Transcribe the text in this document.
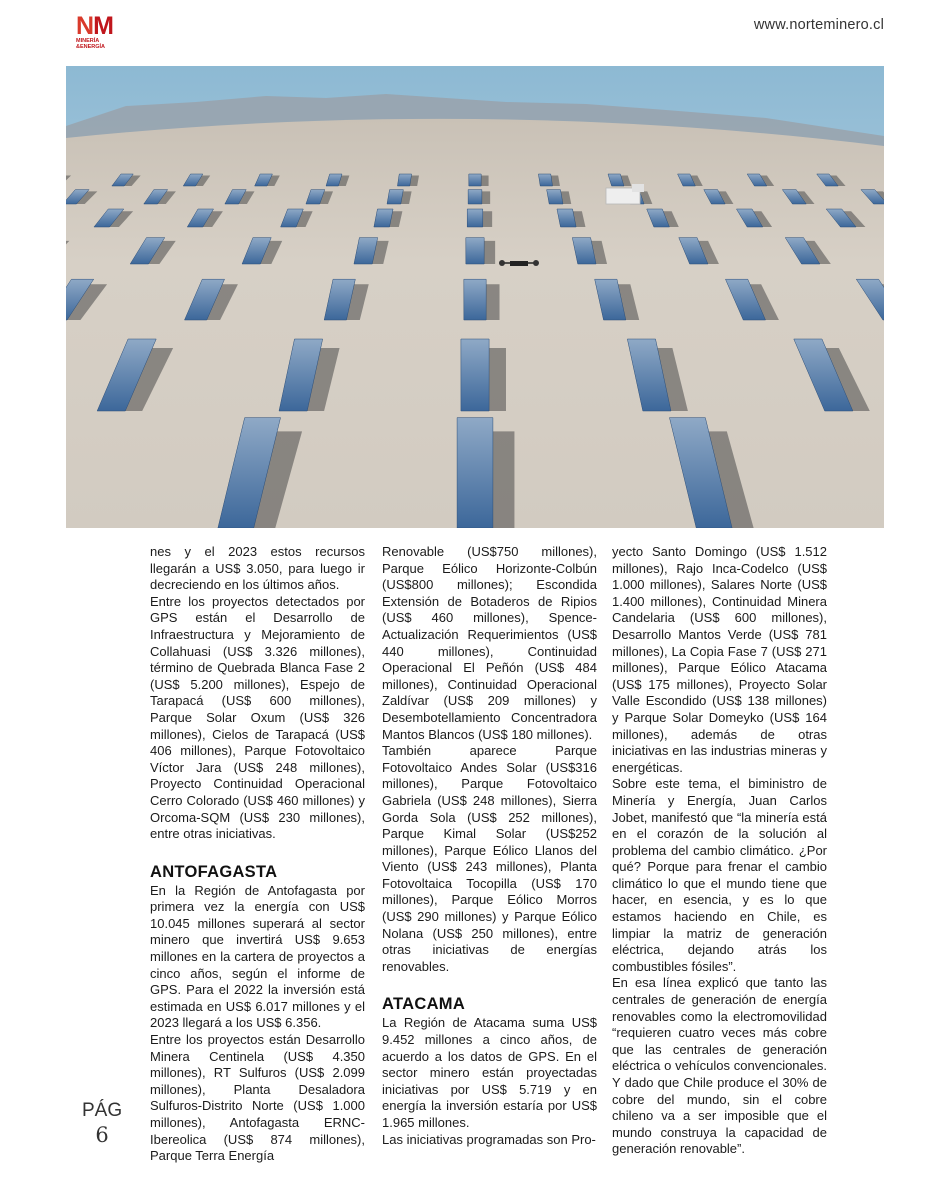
NM
MINERÍA
&ENERGÍA
www.norteminero.cl

nes y el 2023 estos recursos llegarán a US$ 3.050, para luego ir decreciendo en los últimos años.

Entre los proyectos detectados por GPS están el Desarrollo de Infraestructura y Mejoramiento de Collahuasi (US$ 3.326 millones), término de Quebrada Blanca Fase 2 (US$ 5.200 millones), Espejo de Tarapacá (US$ 600 millones), Parque Solar Oxum (US$ 326 millones), Cielos de Tarapacá (US$ 406 millones), Parque Fotovoltaico Víctor Jara (US$ 248 millones), Proyecto Continuidad Operacional Cerro Colorado (US$ 460 millones) y Orcoma-SQM (US$ 230 millones), entre otras iniciativas.

ANTOFAGASTA

En la Región de Antofagasta por primera vez la energía con US$ 10.045 millones superará al sector minero que invertirá US$ 9.653 millones en la cartera de proyectos a cinco años, según el informe de GPS. Para el 2022 la inversión está estimada en US$ 6.017 millones y el 2023 llegará a los US$ 6.356.

Entre los proyectos están Desarrollo Minera Centinela (US$ 4.350 millones), RT Sulfuros (US$ 2.099 millones), Planta Desaladora Sulfuros-Distrito Norte (US$ 1.000 millones), Antofagasta ERNC-Ibereolica (US$ 874 millones), Parque Terra Energía

Renovable (US$750 millones), Parque Eólico Horizonte-Colbún (US$800 millones); Escondida Extensión de Botaderos de Ripios (US$ 460 millones), Spence-Actualización Requerimientos (US$ 440 millones), Continuidad Operacional El Peñón (US$ 484 millones), Continuidad Operacional Zaldívar (US$ 209 millones) y Desembotellamiento Concentradora Mantos Blancos (US$ 180 millones).

También aparece Parque Fotovoltaico Andes Solar (US$316 millones), Parque Fotovoltaico Gabriela (US$ 248 millones), Sierra Gorda Sola (US$ 252 millones), Parque Kimal Solar (US$252 millones), Parque Eólico Llanos del Viento (US$ 243 millones), Planta Fotovoltaica Tocopilla (US$ 170 millones), Parque Eólico Morros (US$ 290 millones) y Parque Eólico Nolana (US$ 250 millones), entre otras iniciativas de energías renovables.

ATACAMA

La Región de Atacama suma US$ 9.452 millones a cinco años, de acuerdo a los datos de GPS. En el sector minero están proyectadas iniciativas por US$ 5.719 y en energía la inversión estaría por US$ 1.965 millones.

Las iniciativas programadas son Pro-

yecto Santo Domingo (US$ 1.512 millones), Rajo Inca-Codelco (US$ 1.000 millones), Salares Norte (US$ 1.400 millones), Continuidad Minera Candelaria (US$ 600 millones), Desarrollo Mantos Verde (US$ 781 millones), La Copia Fase 7 (US$ 271 millones), Parque Eólico Atacama (US$ 175 millones), Proyecto Solar Valle Escondido (US$ 138 millones) y Parque Solar Domeyko (US$ 164 millones), además de otras iniciativas en las industrias mineras y energéticas.

Sobre este tema, el biministro de Minería y Energía, Juan Carlos Jobet, manifestó que “la minería está en el corazón de la solución al problema del cambio climático. ¿Por qué? Porque para frenar el cambio climático lo que el mundo tiene que hacer, en esencia, y es lo que estamos haciendo en Chile, es limpiar la matriz de generación eléctrica, dejando atrás los combustibles fósiles”.

En esa línea explicó que tanto las centrales de generación de energía renovables como la electromovilidad “requieren cuatro veces más cobre que las centrales de generación eléctrica o vehículos convencionales. Y dado que Chile produce el 30% de cobre del mundo, sin el cobre chileno va a ser imposible que el mundo construya la capacidad de generación renovable”.

PÁG
6
